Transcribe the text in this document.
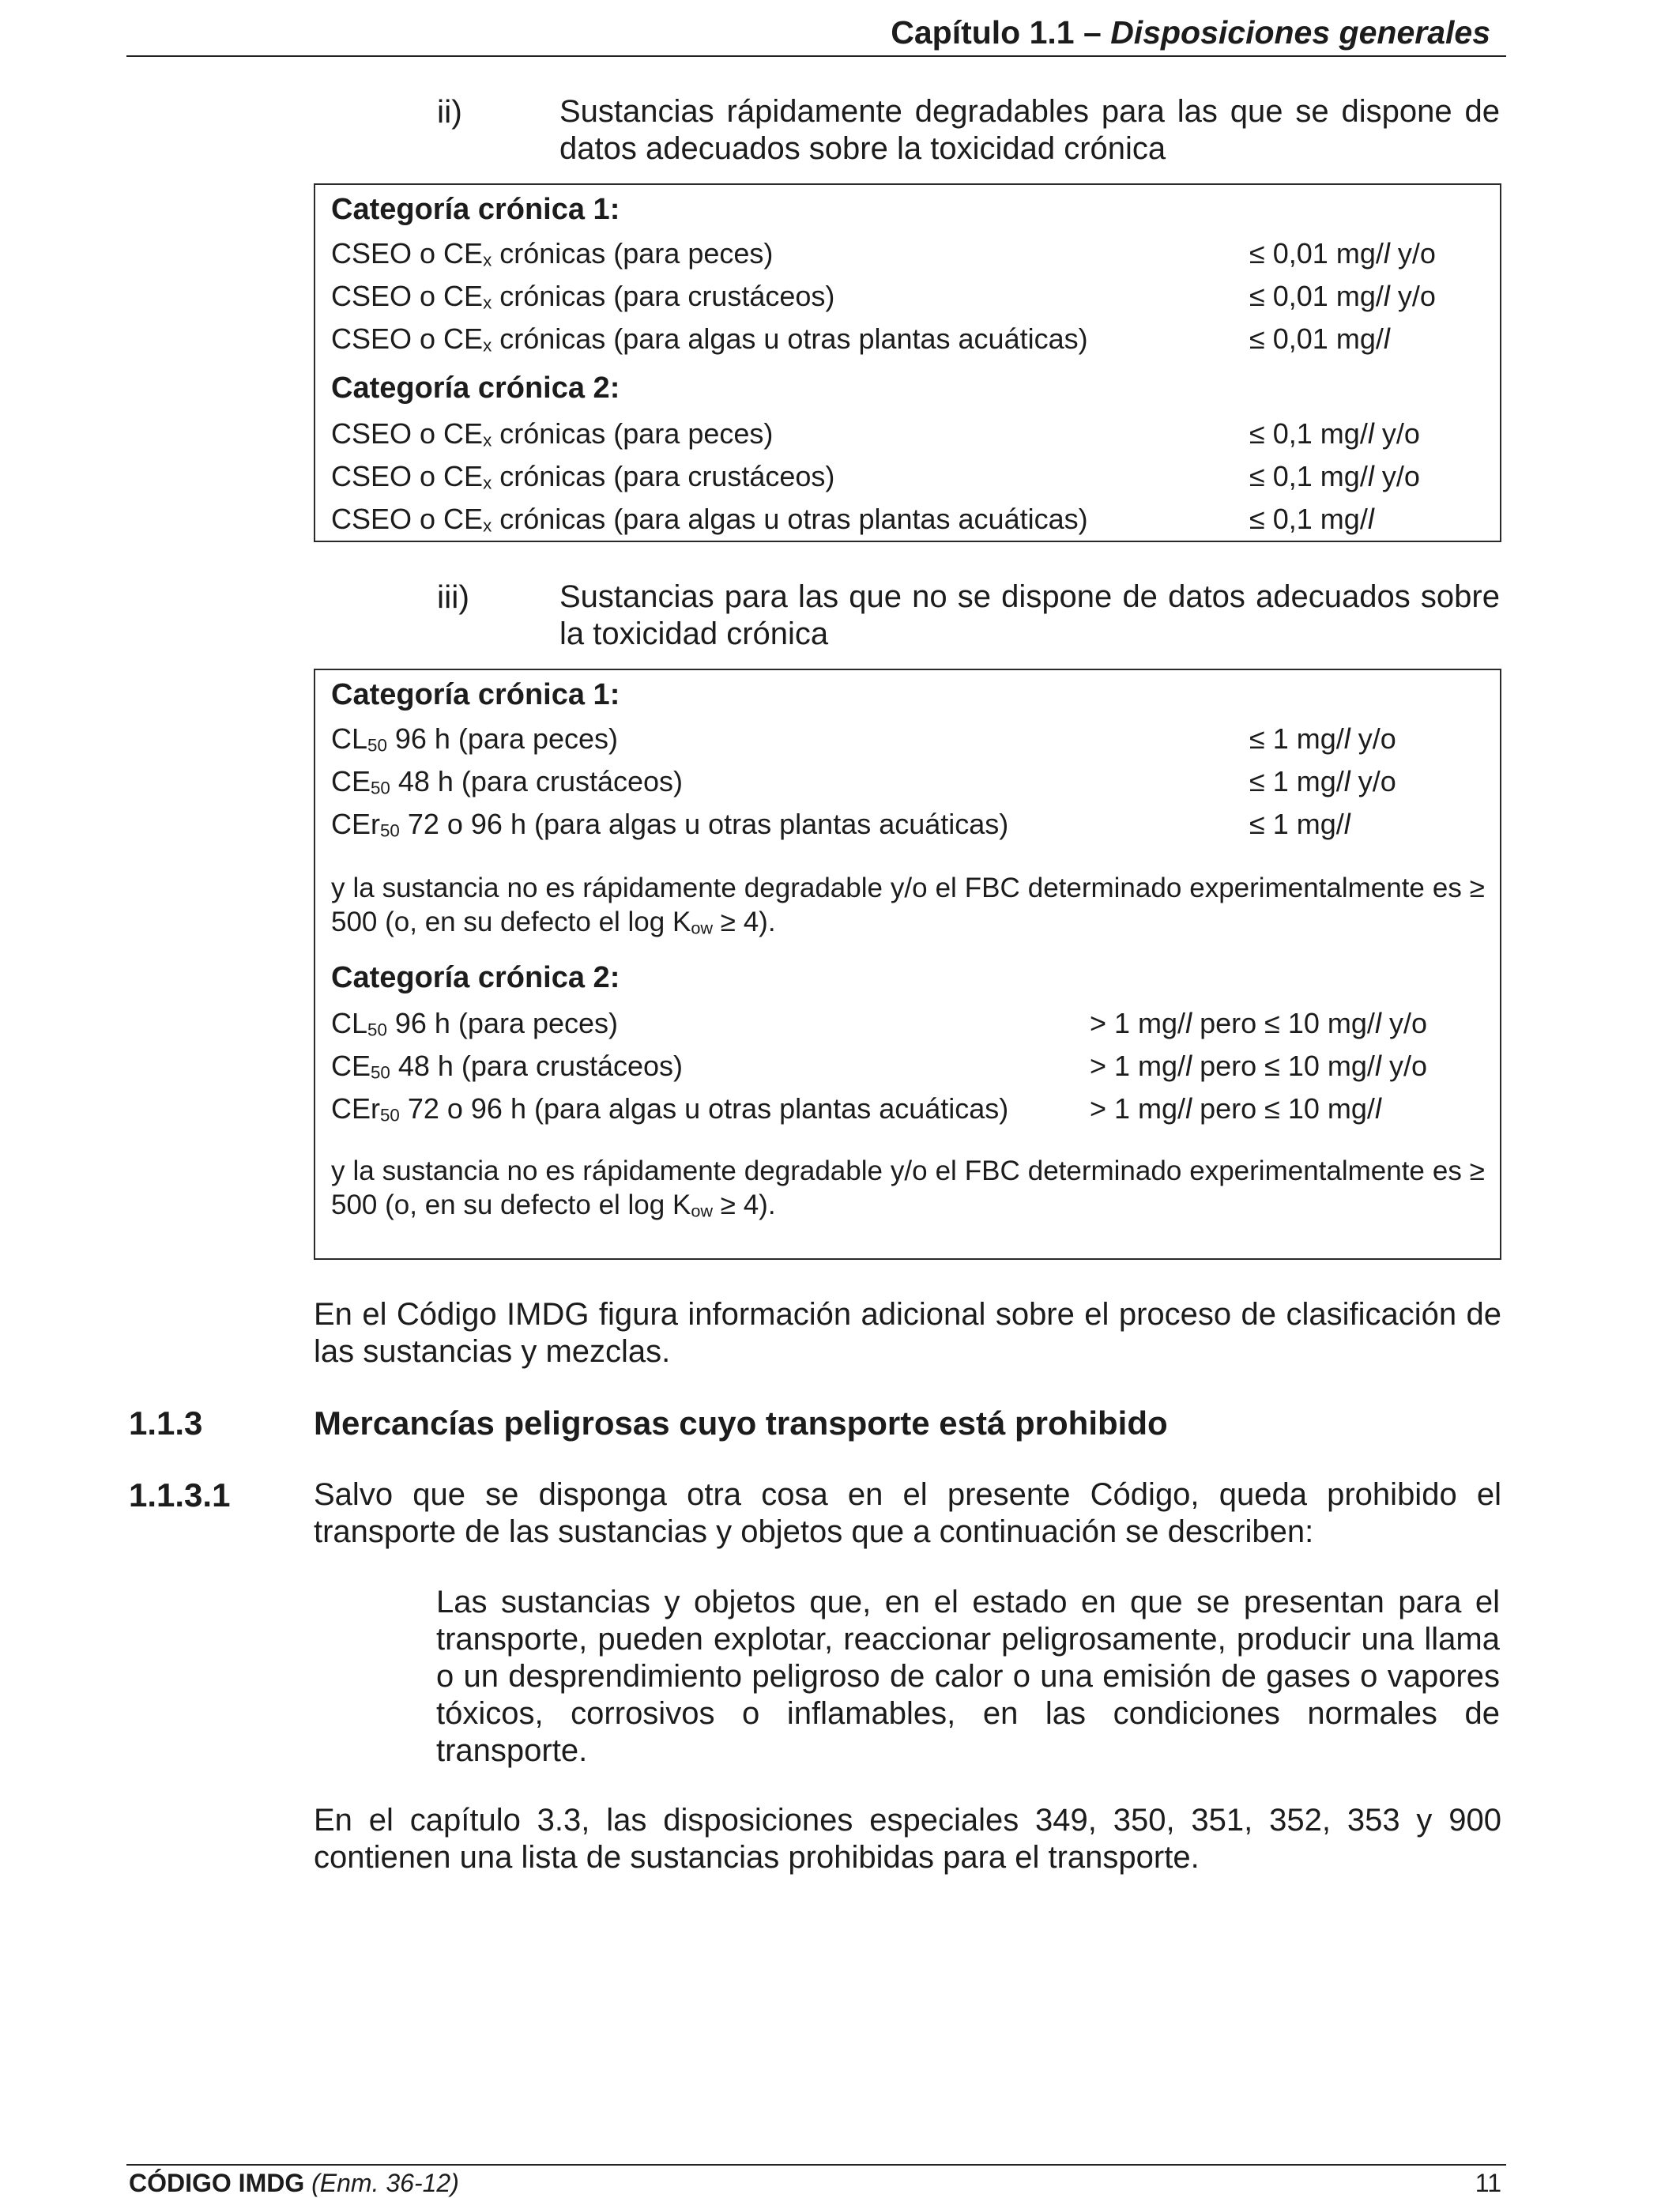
Capítulo 1.1 – Disposiciones generales
ii)	Sustancias rápidamente degradables para las que se dispone de datos adecuados sobre la toxicidad crónica
Categoría crónica 1:
CSEO o $CE_x$ crónicas (para peces)	≤ 0,01 mg/l y/o
CSEO o $CE_x$ crónicas (para crustáceos)	≤ 0,01 mg/l y/o
CSEO o $CE_x$ crónicas (para algas u otras plantas acuáticas)	≤ 0,01 mg/l
Categoría crónica 2:
CSEO o $CE_x$ crónicas (para peces)	≤ 0,1 mg/l y/o
CSEO o $CE_x$ crónicas (para crustáceos)	≤ 0,1 mg/l y/o
CSEO o $CE_x$ crónicas (para algas u otras plantas acuáticas)	≤ 0,1 mg/l
iii)	Sustancias para las que no se dispone de datos adecuados sobre la toxicidad crónica
Categoría crónica 1:
$CL_{50}$ 96 h (para peces)	≤ 1 mg/l y/o
$CE_{50}$ 48 h (para crustáceos)	≤ 1 mg/l y/o
CEr$_{50}$ 72 o 96 h (para algas u otras plantas acuáticas)	≤ 1 mg/l
y la sustancia no es rápidamente degradable y/o el FBC determinado experimentalmente es ≥ 500 (o, en su defecto el $\log K_{ow} \ge 4$).
Categoría crónica 2:
$CL_{50}$ 96 h (para peces)	> 1 mg/l pero ≤ 10 mg/l y/o
$CE_{50}$ 48 h (para crustáceos)	> 1 mg/l pero ≤ 10 mg/l y/o
CEr$_{50}$ 72 o 96 h (para algas u otras plantas acuáticas)	> 1 mg/l pero ≤ 10 mg/l
y la sustancia no es rápidamente degradable y/o el FBC determinado experimentalmente es ≥ 500 (o, en su defecto el $\log K_{ow} \ge 4$).
En el Código IMDG figura información adicional sobre el proceso de clasificación de las sustancias y mezclas.
1.1.3	Mercancías peligrosas cuyo transporte está prohibido
1.1.3.1	Salvo que se disponga otra cosa en el presente Código, queda prohibido el transporte de las sustancias y objetos que a continuación se describen:
Las sustancias y objetos que, en el estado en que se presentan para el transporte, pueden explotar, reaccionar peligrosamente, producir una llama o un desprendimiento peligroso de calor o una emisión de gases o vapores tóxicos, corrosivos o inflamables, en las condiciones normales de transporte.
En el capítulo 3.3, las disposiciones especiales 349, 350, 351, 352, 353 y 900 contienen una lista de sustancias prohibidas para el transporte.
CÓDIGO IMDG (Enm. 36-12)	11
